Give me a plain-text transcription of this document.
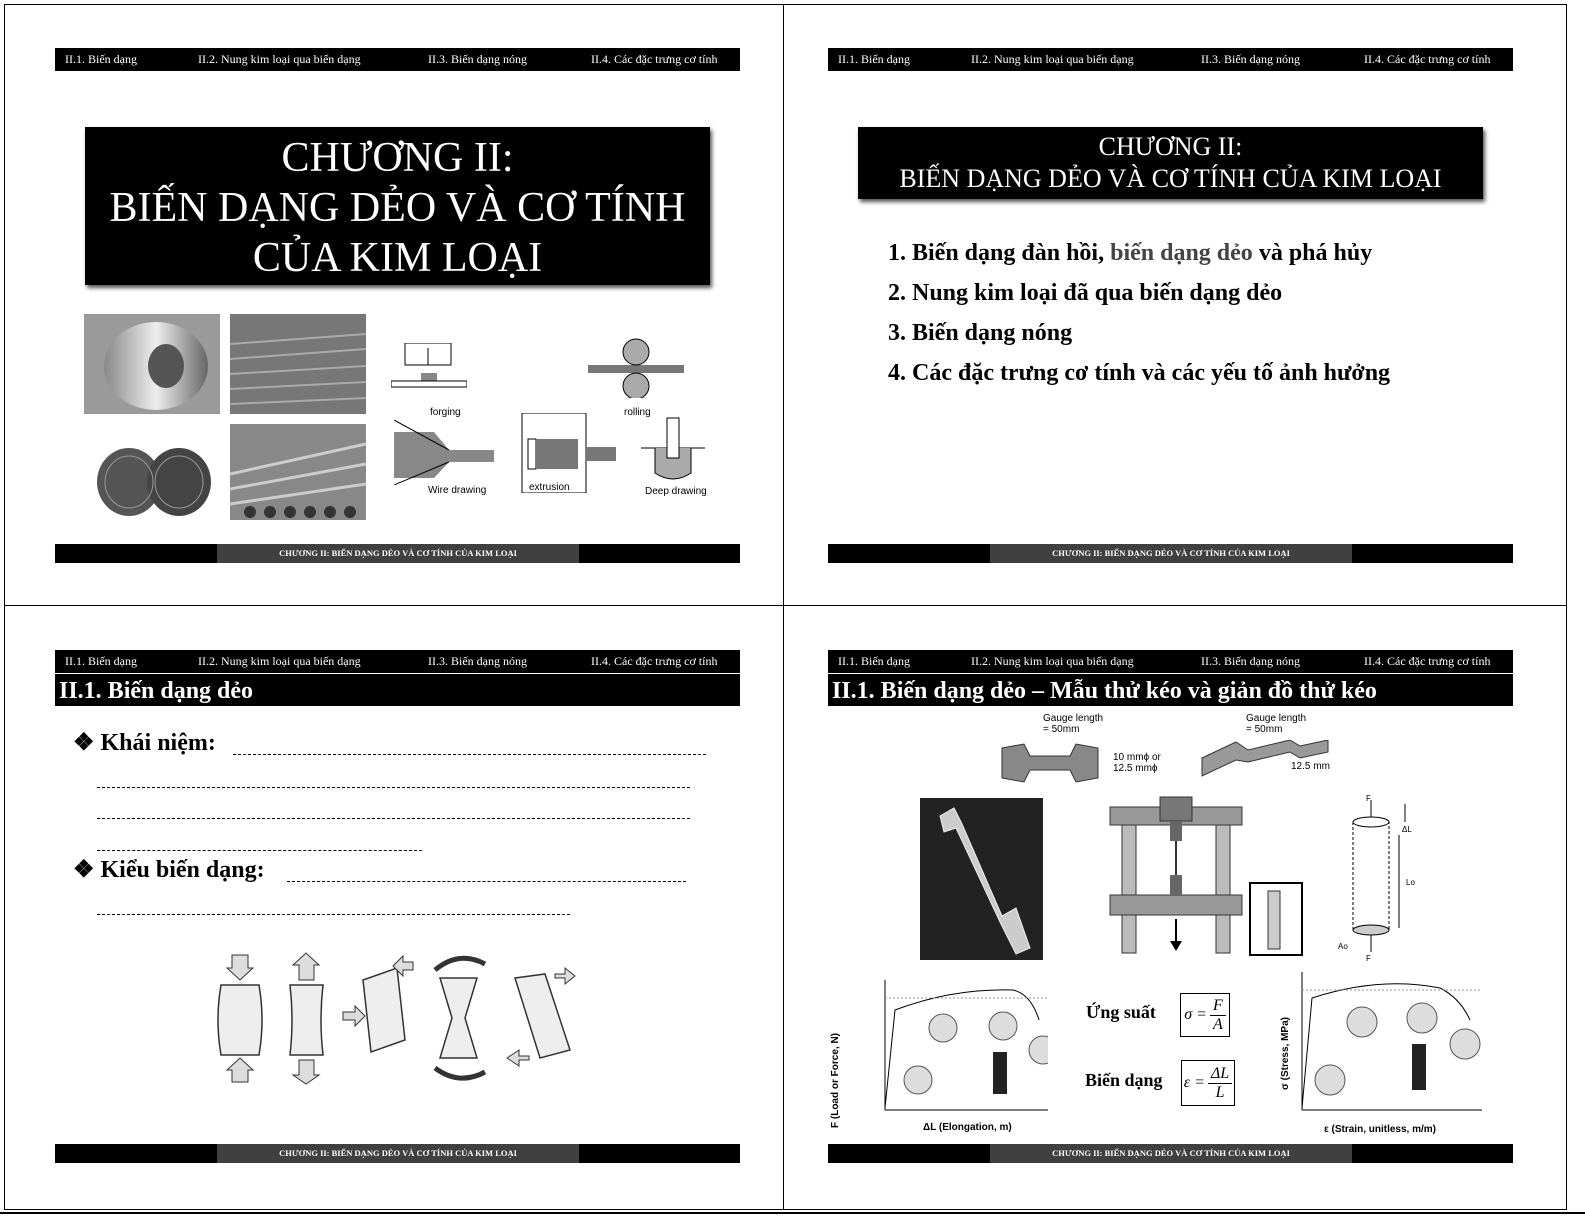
II.1. Biến dạng	II.2. Nung kim loại qua biến dạng	II.3. Biến dạng nóng	II.4. Các đặc trưng cơ tính
CHƯƠNG II:
BIẾN DẠNG DẺO VÀ CƠ TÍNH
CỦA KIM LOẠI
forging	rolling
Wire drawing	extrusion	Deep drawing
CHƯƠNG II: BIẾN DẠNG DẺO VÀ CƠ TÍNH CỦA KIM LOẠI
II.1. Biến dạng	II.2. Nung kim loại qua biến dạng	II.3. Biến dạng nóng	II.4. Các đặc trưng cơ tính
CHƯƠNG II:
BIẾN DẠNG DẺO VÀ CƠ TÍNH CỦA KIM LOẠI
1. Biến dạng đàn hồi, biến dạng dẻo và phá hủy
2. Nung kim loại đã qua biến dạng dẻo
3. Biến dạng nóng
4. Các đặc trưng cơ tính và các yếu tố ảnh hưởng
CHƯƠNG II: BIẾN DẠNG DẺO VÀ CƠ TÍNH CỦA KIM LOẠI
II.1. Biến dạng	II.2. Nung kim loại qua biến dạng	II.3. Biến dạng nóng	II.4. Các đặc trưng cơ tính
II.1. Biến dạng dẻo
❖ Khái niệm:
❖ Kiểu biến dạng:
CHƯƠNG II: BIẾN DẠNG DẺO VÀ CƠ TÍNH CỦA KIM LOẠI
II.1. Biến dạng	II.2. Nung kim loại qua biến dạng	II.3. Biến dạng nóng	II.4. Các đặc trưng cơ tính
II.1. Biến dạng dẻo – Mẫu thử kéo và giản đồ thử kéo
Gauge length
= 50mm
10 mmϕ or
12.5 mmϕ
Gauge length
= 50mm
12.5 mm
F
ΔL
Lo
Ao
F
F (Load or Force, N)	ΔL (Elongation, m)
Ứng suất $\sigma = \frac{F}{A}$
Biến dạng $\varepsilon = \frac{\Delta L}{L}$	σ (Stress, MPa)
ε (Strain, unitless, m/m)
CHƯƠNG II: BIẾN DẠNG DẺO VÀ CƠ TÍNH CỦA KIM LOẠI
